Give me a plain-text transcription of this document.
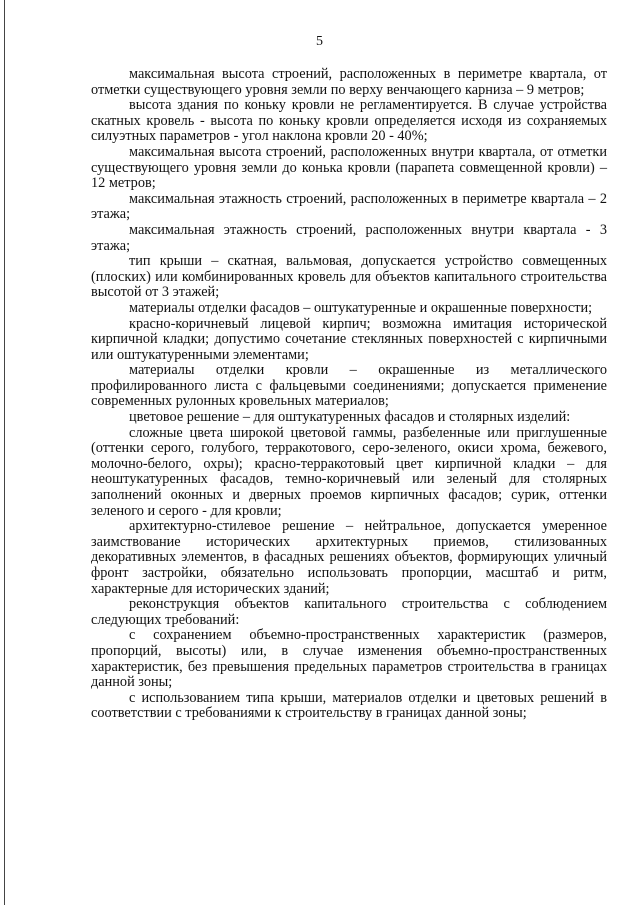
5

максимальная высота строений, расположенных в периметре квартала, от отметки существующего уровня земли по верху венчающего карниза – 9 метров;

высота здания по коньку кровли не регламентируется. В случае устройства скатных кровель - высота по коньку кровли определяется исходя из сохраняемых силуэтных параметров - угол наклона кровли 20 - 40%;

максимальная высота строений, расположенных внутри квартала, от отметки существующего уровня земли до конька кровли (парапета совмещенной кровли) – 12 метров;

максимальная этажность строений, расположенных в периметре квартала – 2 этажа;

максимальная этажность строений, расположенных внутри квартала - 3 этажа;

тип крыши – скатная, вальмовая, допускается устройство совмещенных (плоских) или комбинированных кровель для объектов капитального строительства высотой от 3 этажей;

материалы отделки фасадов – оштукатуренные и окрашенные поверхности;

красно-коричневый лицевой кирпич; возможна имитация исторической кирпичной кладки; допустимо сочетание стеклянных поверхностей с кирпичными или оштукатуренными элементами;

материалы отделки кровли – окрашенные из металлического профилированного листа с фальцевыми соединениями; допускается применение современных рулонных кровельных материалов;

цветовое решение – для оштукатуренных фасадов и столярных изделий:

сложные цвета широкой цветовой гаммы, разбеленные или приглушенные (оттенки серого, голубого, терракотового, серо-зеленого, окиси хрома, бежевого, молочно-белого, охры); красно-терракотовый цвет кирпичной кладки – для неоштукатуренных фасадов, темно-коричневый или зеленый для столярных заполнений оконных и дверных проемов кирпичных фасадов; сурик, оттенки зеленого и серого - для кровли;

архитектурно-стилевое решение – нейтральное, допускается умеренное заимствование исторических архитектурных приемов, стилизованных декоративных элементов, в фасадных решениях объектов, формирующих уличный фронт застройки, обязательно использовать пропорции, масштаб и ритм, характерные для исторических зданий;

реконструкция объектов капитального строительства с соблюдением следующих требований:

с сохранением объемно-пространственных характеристик (размеров, пропорций, высоты) или, в случае изменения объемно-пространственных характеристик, без превышения предельных параметров строительства в границах данной зоны;

с использованием типа крыши, материалов отделки и цветовых решений в соответствии с требованиями к строительству в границах данной зоны;
